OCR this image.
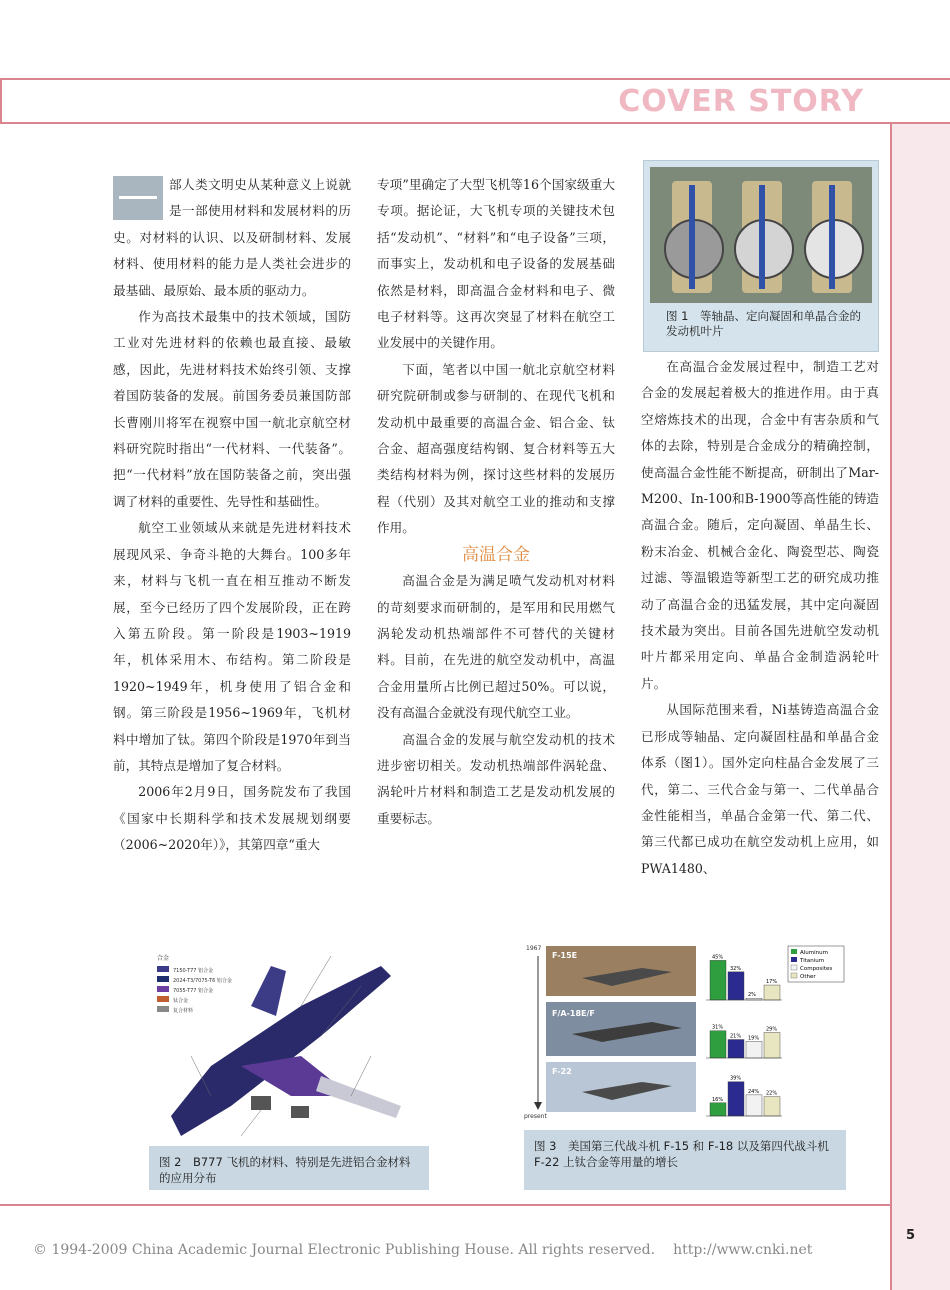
COVER STORY

部人类文明史从某种意义上说就是一部使用材料和发展材料的历史。对材料的认识、以及研制材料、发展材料、使用材料的能力是人类社会进步的最基础、最原始、最本质的驱动力。

作为高技术最集中的技术领域，国防工业对先进材料的依赖也最直接、最敏感，因此，先进材料技术始终引领、支撑着国防装备的发展。前国务委员兼国防部长曹刚川将军在视察中国一航北京航空材料研究院时指出“一代材料、一代装备”。把“一代材料”放在国防装备之前，突出强调了材料的重要性、先导性和基础性。

航空工业领域从来就是先进材料技术展现风采、争奇斗艳的大舞台。100多年来，材料与飞机一直在相互推动不断发展，至今已经历了四个发展阶段，正在跨入第五阶段。第一阶段是1903~1919年，机体采用木、布结构。第二阶段是1920~1949年，机身使用了铝合金和钢。第三阶段是1956~1969年，飞机材料中增加了钛。第四个阶段是1970年到当前，其特点是增加了复合材料。

2006年2月9日，国务院发布了我国《国家中长期科学和技术发展规划纲要（2006~2020年）》，其第四章“重大

专项”里确定了大型飞机等16个国家级重大专项。据论证，大飞机专项的关键技术包括“发动机”、“材料”和“电子设备”三项，而事实上，发动机和电子设备的发展基础依然是材料，即高温合金材料和电子、微电子材料等。这再次突显了材料在航空工业发展中的关键作用。

下面，笔者以中国一航北京航空材料研究院研制或参与研制的、在现代飞机和发动机中最重要的高温合金、铝合金、钛合金、超高强度结构钢、复合材料等五大类结构材料为例，探讨这些材料的发展历程（代别）及其对航空工业的推动和支撑作用。

高温合金

高温合金是为满足喷气发动机对材料的苛刻要求而研制的，是军用和民用燃气涡轮发动机热端部件不可替代的关键材料。目前，在先进的航空发动机中，高温合金用量所占比例已超过50%。可以说，没有高温合金就没有现代航空工业。

高温合金的发展与航空发动机的技术进步密切相关。发动机热端部件涡轮盘、涡轮叶片材料和制造工艺是发动机发展的重要标志。

图 1　等轴晶、定向凝固和单晶合金的发动机叶片

在高温合金发展过程中，制造工艺对合金的发展起着极大的推进作用。由于真空熔炼技术的出现，合金中有害杂质和气体的去除，特别是合金成分的精确控制，使高温合金性能不断提高，研制出了Mar-M200、In-100和B-1900等高性能的铸造高温合金。随后，定向凝固、单晶生长、粉末冶金、机械合金化、陶瓷型芯、陶瓷过滤、等温锻造等新型工艺的研究成功推动了高温合金的迅猛发展，其中定向凝固技术最为突出。目前各国先进航空发动机叶片都采用定向、单晶合金制造涡轮叶片。

从国际范围来看，Ni基铸造高温合金已形成等轴晶、定向凝固柱晶和单晶合金体系（图1）。国外定向柱晶合金发展了三代，第二、三代合金与第一、二代单晶合金性能相当，单晶合金第一代、第二代、第三代都已成功在航空发动机上应用，如PWA1480、

合金
7150-T77 铝合金
2024-T3/7075-T6 铝合金
7055-T77 铝合金
钛合金
复合材料
图 2　B777 飞机的材料、特别是先进铝合金材料的应用分布
1967
present
F-15E
F/A-18E/F
F-22
Aluminum
Titanium
Composites
Other
45%
32%
2%
17%
31%
21% 19%
29%
16%
39%
24% 22%
图 3　美国第三代战斗机 F-15 和 F-18 以及第四代战斗机 F-22 上钛合金等用量的增长
© 1994-2009 China Academic Journal Electronic Publishing House. All rights reserved. http://www.cnki.net
5
